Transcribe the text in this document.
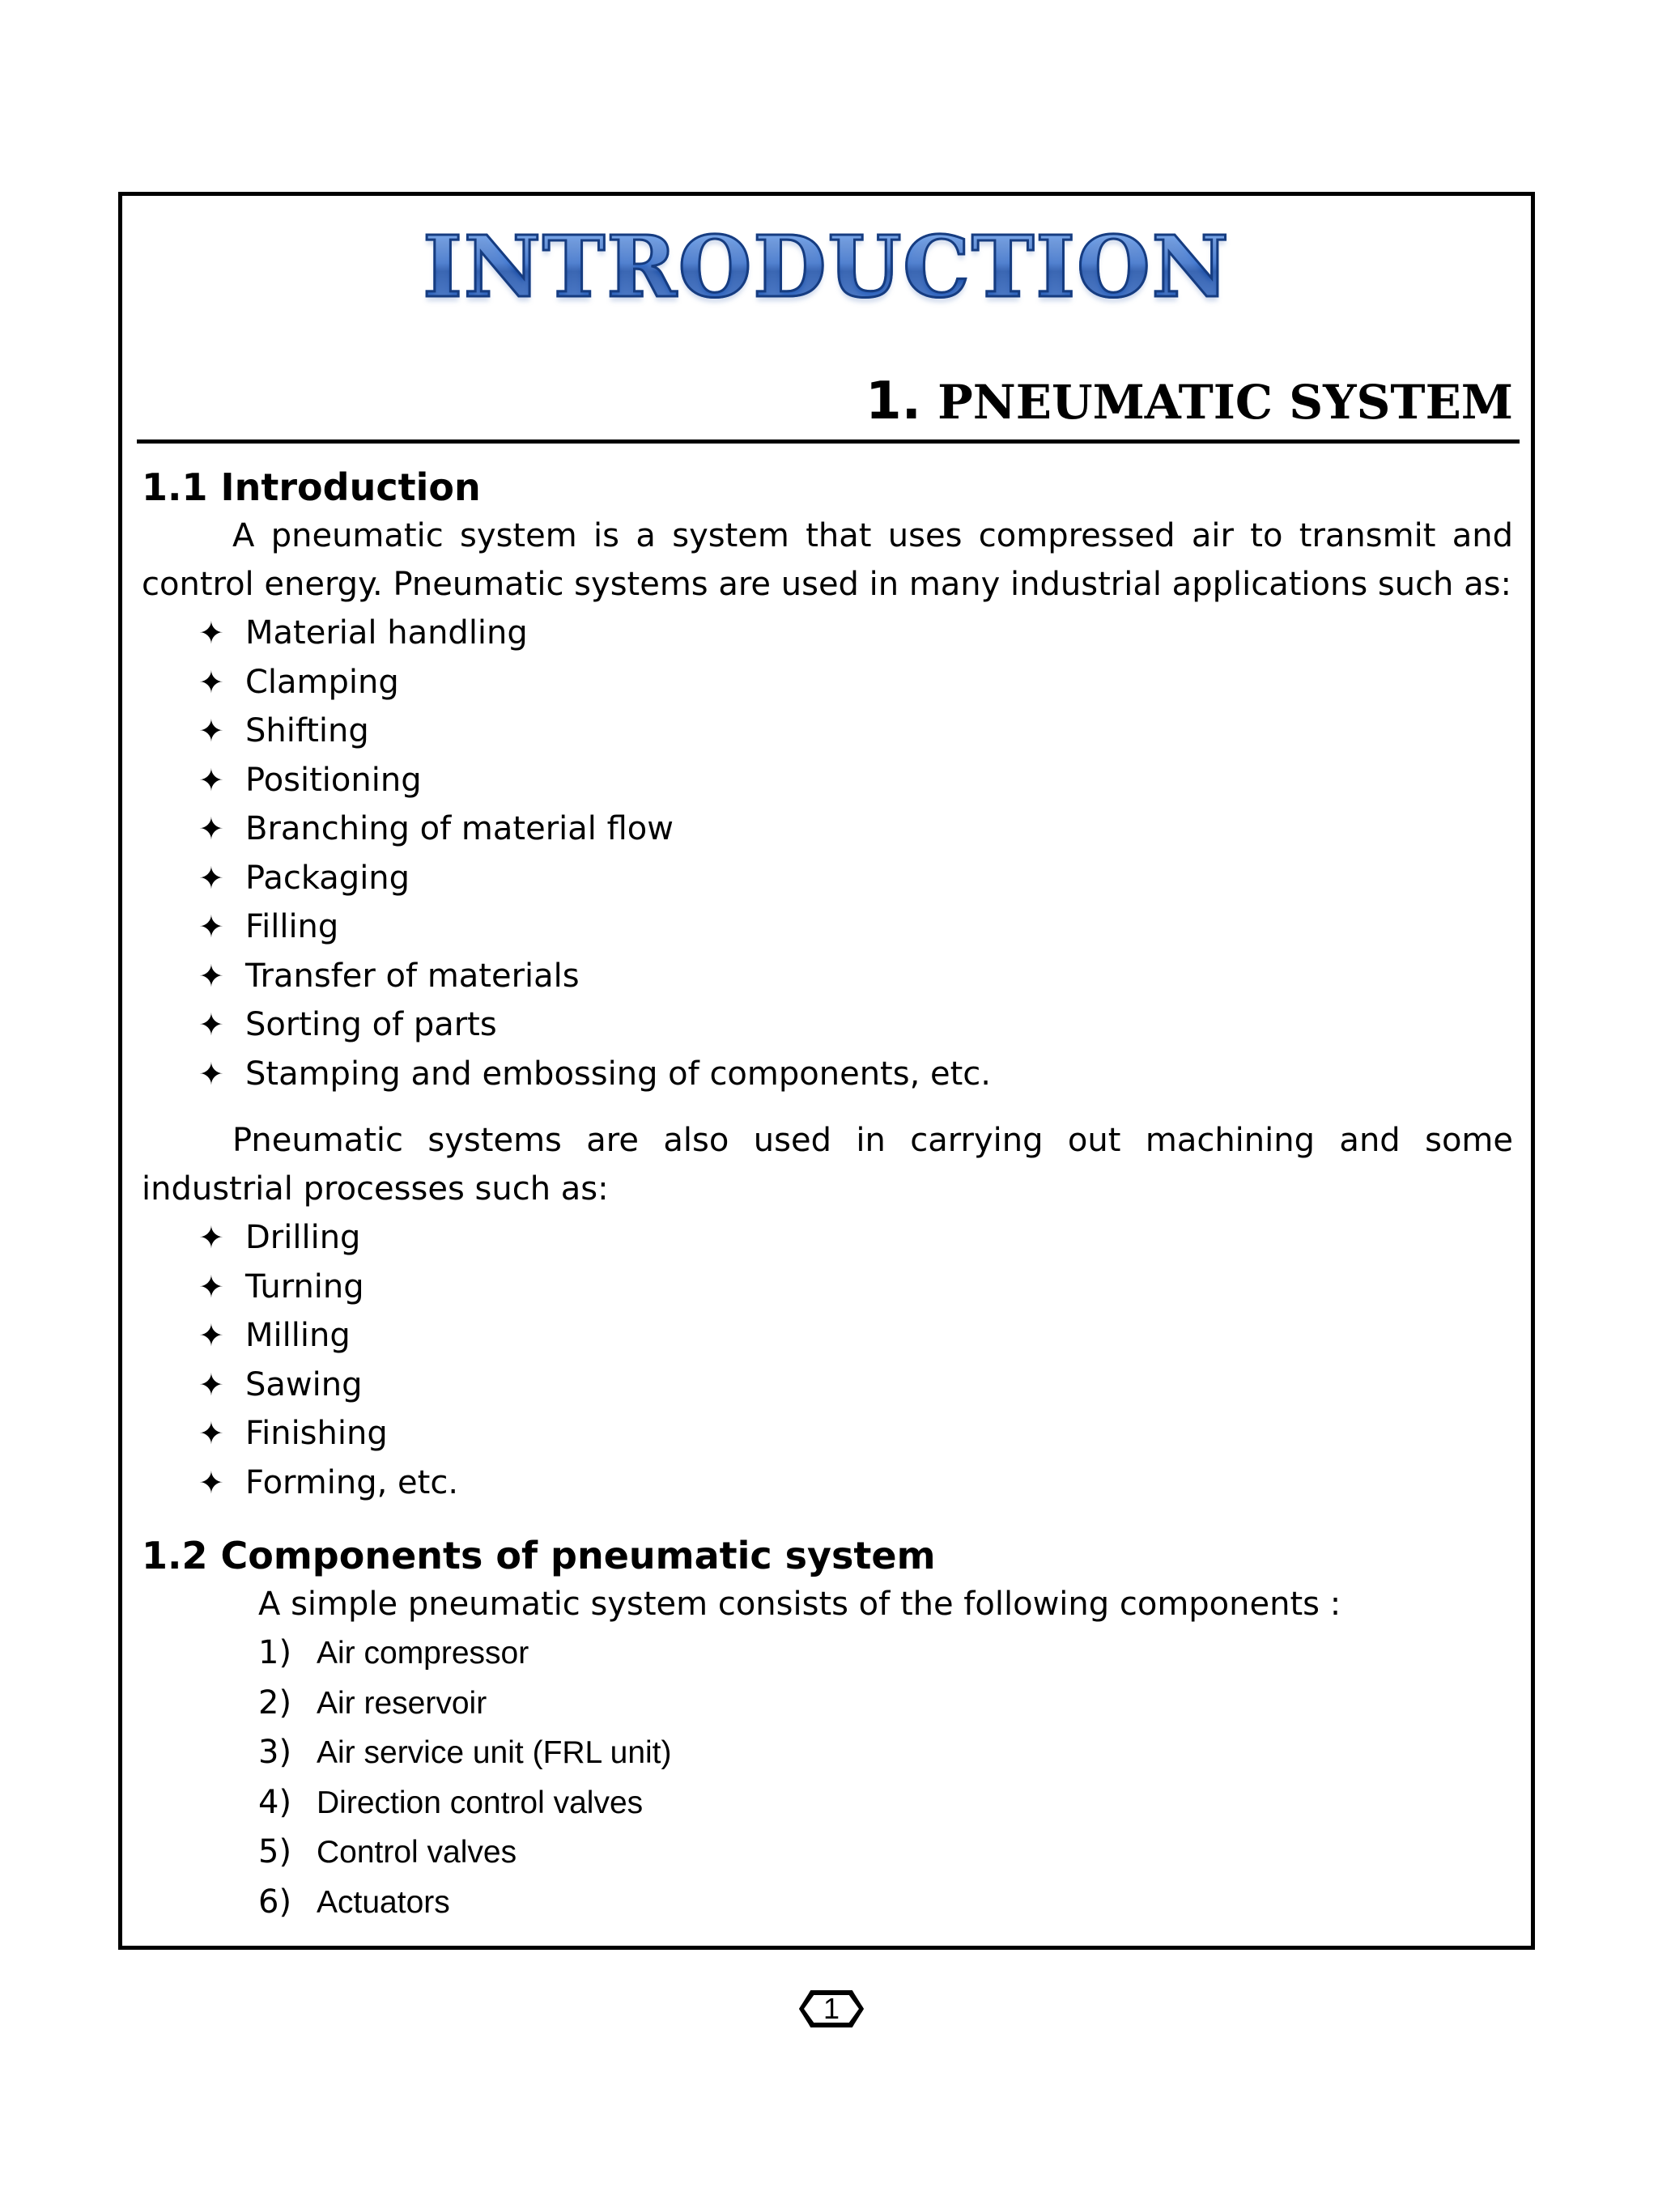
INTRODUCTION
1. PNEUMATIC SYSTEM
1.1 Introduction

A pneumatic system is a system that uses compressed air to transmit and control energy. Pneumatic systems are used in many industrial applications such as:

✦ Material handling
✦ Clamping
✦ Shifting
✦ Positioning
✦ Branching of material flow
✦ Packaging
✦ Filling
✦ Transfer of materials
✦ Sorting of parts
✦ Stamping and embossing of components, etc.

Pneumatic systems are also used in carrying out machining and some industrial processes such as:

✦ Drilling
✦ Turning
✦ Milling
✦ Sawing
✦ Finishing
✦ Forming, etc.
1.2 Components of pneumatic system

A simple pneumatic system consists of the following components :

1) Air compressor
2) Air reservoir
3) Air service unit (FRL unit)
4) Direction control valves
5) Control valves
6) Actuators
1
